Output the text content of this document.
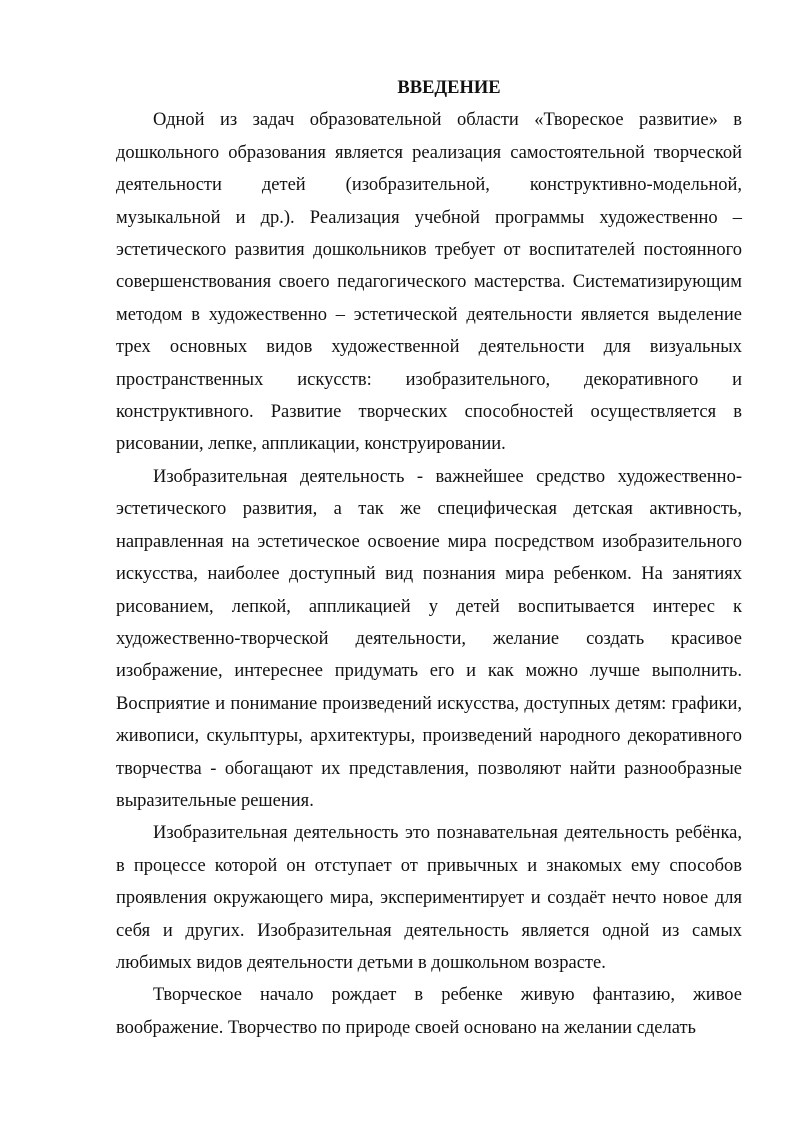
ВВЕДЕНИЕ

Одной из задач образовательной области «Твореское развитие» в дошкольного образования является реализация самостоятельной творческой деятельности детей (изобразительной, конструктивно-модельной, музыкальной и др.). Реализация учебной программы художественно – эстетического развития дошкольников требует от воспитателей постоянного совершенствования своего педагогического мастерства. Систематизирующим методом в художественно – эстетической деятельности является выделение трех основных видов художественной деятельности для визуальных пространственных искусств: изобразительного, декоративного и конструктивного. Развитие творческих способностей осуществляется в рисовании, лепке, аппликации, конструировании.

Изобразительная деятельность - важнейшее средство художественно-эстетического развития, а так же специфическая детская активность, направленная на эстетическое освоение мира посредством изобразительного искусства, наиболее доступный вид познания мира ребенком. На занятиях рисованием, лепкой, аппликацией у детей воспитывается интерес к художественно-творческой деятельности, желание создать красивое изображение, интереснее придумать его и как можно лучше выполнить. Восприятие и понимание произведений искусства, доступных детям: графики, живописи, скульптуры, архитектуры, произведений народного декоративного творчества - обогащают их представления, позволяют найти разнообразные выразительные решения.

Изобразительная деятельность это познавательная деятельность ребёнка, в процессе которой он отступает от привычных и знакомых ему способов проявления окружающего мира, экспериментирует и создаёт нечто новое для себя и других. Изобразительная деятельность является одной из самых любимых видов деятельности детьми в дошкольном возрасте.

Творческое начало рождает в ребенке живую фантазию, живое воображение. Творчество по природе своей основано на желании сделать
